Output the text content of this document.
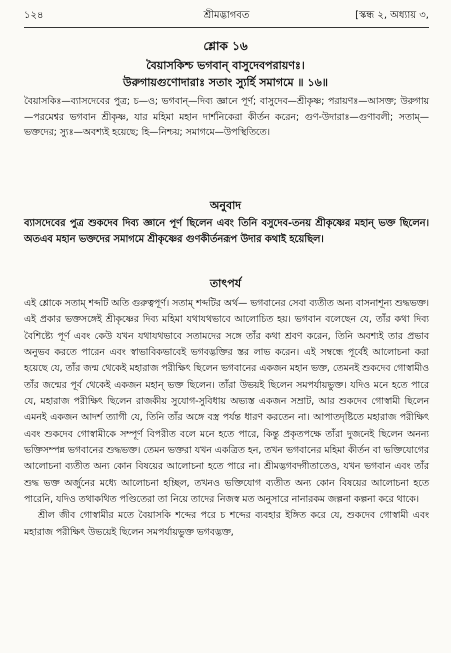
১২৪	শ্রীমদ্ভাগবত	[স্কন্ধ ২, অধ্যায় ৩,
শ্লোক ১৬
বৈয়াসকিশ্চ ভগবান্ বাসুদেবপরায়ণঃ।
উরুগায়গুণোদারাঃ সতাং স্যুর্হি সমাগমে ॥ ১৬॥
বৈয়াসকিঃ—ব্যাসদেবের পুত্র; চ—ও; ভগবান্—দিব্য জ্ঞানে পূর্ণ; বাসুদেব—শ্রীকৃষ্ণ; পরায়ণঃ—আসক্ত; উরুগায়—পরমেশ্বর ভগবান শ্রীকৃষ্ণ, যার মহিমা মহান দার্শনিকেরা কীর্তন করেন; গুণ-উদারাঃ—গুণাবলী; সতাম্—ভক্তদের; স্যুঃ—অবশ্যই হয়েছে; হি—নিশ্চয়; সমাগমে—উপস্থিতিতে।
অনুবাদ
ব্যাসদেবের পুত্র শুকদেব দিব্য জ্ঞানে পূর্ণ ছিলেন এবং তিনি বসুদেব-তনয় শ্রীকৃষ্ণের মহান্ ভক্ত ছিলেন। অতএব মহান ভক্তদের সমাগমে শ্রীকৃষ্ণের গুণকীর্তনরূপ উদার কথাই হয়েছিল।
তাৎপর্য

এই শ্লোকে সতাম্ শব্দটি অতি গুরুত্বপূর্ণ। সতাম্ শব্দটির অর্থ— ভগবানের সেবা ব্যতীত অন্য বাসনাশূন্য শুদ্ধভক্ত। এই প্রকার ভক্তসঙ্গেই শ্রীকৃষ্ণের দিব্য মহিমা যথাযথভাবে আলোচিত হয়। ভগবান বলেছেন যে, তাঁর কথা দিব্য বৈশিষ্ট্যে পূর্ণ এবং কেউ যখন যথাযথভাবে সতামদের সঙ্গে তাঁর কথা শ্রবণ করেন, তিনি অবশ্যই তার প্রভাব অনুভব করতে পারেন এবং স্বাভাবিকভাবেই ভগবদ্ভক্তির স্তর লাভ করেন। এই সম্বন্ধে পূর্বেই আলোচনা করা হয়েছে যে, তাঁর জন্ম থেকেই মহারাজ পরীক্ষিৎ ছিলেন ভগবানের একজন মহান ভক্ত, তেমনই শুকদেব গোস্বামীও তাঁর জন্মের পূর্ব থেকেই একজন মহান্ ভক্ত ছিলেন। তাঁরা উভয়ই ছিলেন সমপর্যায়ভুক্ত। যদিও মনে হতে পারে যে, মহারাজ পরীক্ষিৎ ছিলেন রাজকীয় সুযোগ-সুবিধায় অভ্যস্ত একজন সম্রাট, আর শুকদেব গোস্বামী ছিলেন এমনই একজন আদর্শ ত্যাগী যে, তিনি তাঁর অঙ্গে বস্ত্র পর্যন্ত ধারণ করতেন না। আপাতদৃষ্টিতে মহারাজ পরীক্ষিৎ এবং শুকদেব গোস্বামীকে সম্পূর্ণ বিপরীত বলে মনে হতে পারে, কিন্তু প্রকৃতপক্ষে তাঁরা দুজনেই ছিলেন অনন্য ভক্তিসম্পন্ন ভগবানের শুদ্ধভক্ত। তেমন ভক্তরা যখন একত্রিত হন, তখন ভগবানের মহিমা কীর্তন বা ভক্তিযোগের আলোচনা ব্যতীত অন্য কোন বিষয়ের আলোচনা হতে পারে না। শ্রীমদ্ভগবদ্গীতাতেও, যখন ভগবান এবং তাঁর শুদ্ধ ভক্ত অর্জুনের মধ্যে আলোচনা হচ্ছিল, তখনও ভক্তিযোগ ব্যতীত অন্য কোন বিষয়ের আলোচনা হতে পারেনি, যদিও তথাকথিত পণ্ডিতেরা তা নিয়ে তাদের নিজস্ব মত অনুসারে নানারকম জল্পনা কল্পনা করে থাকে।

শ্রীল জীব গোস্বামীর মতে বৈয়াসকি শব্দের পরে চ শব্দের ব্যবহার ইঙ্গিত করে যে, শুকদেব গোস্বামী এবং মহারাজ পরীক্ষিৎ উভয়েই ছিলেন সমপর্যায়ভুক্ত ভগবদ্ভক্ত,
